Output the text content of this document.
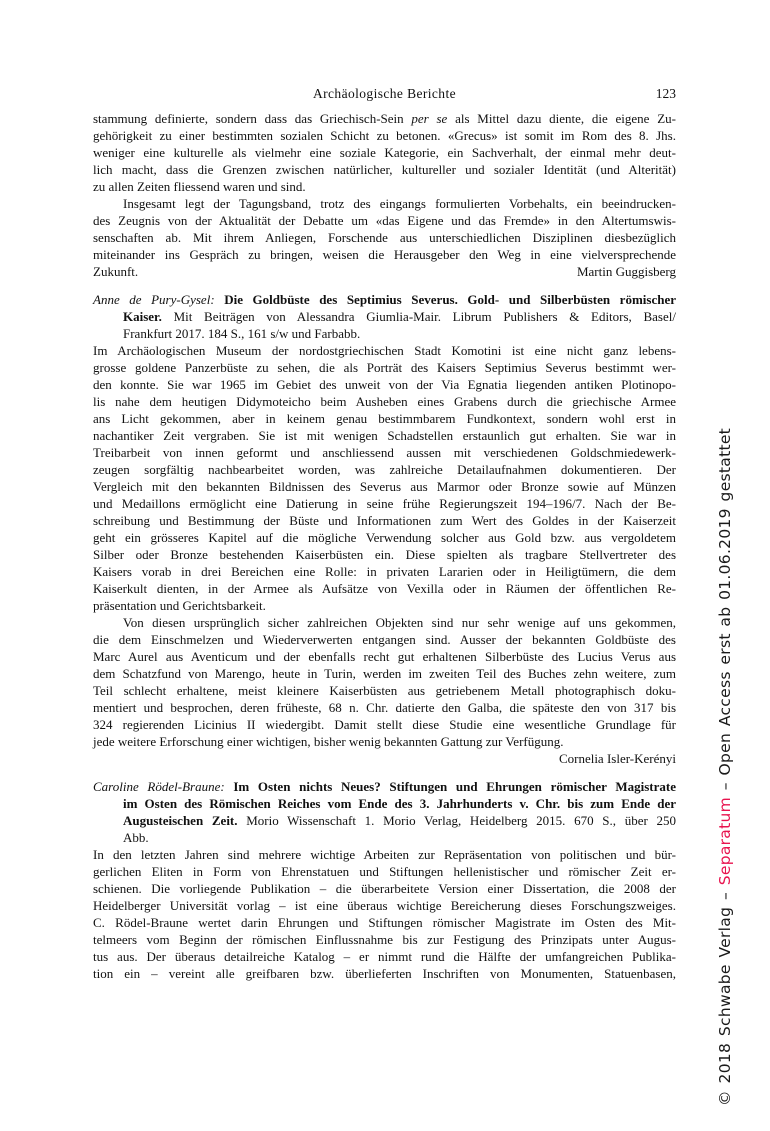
Archäologische Berichte	123
stammung definierte, sondern dass das Griechisch-Sein per se als Mittel dazu diente, die eigene Zu-
gehörigkeit zu einer bestimmten sozialen Schicht zu betonen. «Grecus» ist somit im Rom des 8. Jhs.
weniger eine kulturelle als vielmehr eine soziale Kategorie, ein Sachverhalt, der einmal mehr deut-
lich macht, dass die Grenzen zwischen natürlicher, kultureller und sozialer Identität (und Alterität)
zu allen Zeiten fliessend waren und sind.
Insgesamt legt der Tagungsband, trotz des eingangs formulierten Vorbehalts, ein beeindrucken-
des Zeugnis von der Aktualität der Debatte um «das Eigene und das Fremde» in den Altertumswis-
senschaften ab. Mit ihrem Anliegen, Forschende aus unterschiedlichen Disziplinen diesbezüglich
miteinander ins Gespräch zu bringen, weisen die Herausgeber den Weg in eine vielversprechende
Martin Guggisberg
Zukunft.
Anne de Pury-Gysel: Die Goldbüste des Septimius Severus. Gold- und Silberbüsten römischer
Kaiser. Mit Beiträgen von Alessandra Giumlia-Mair. Librum Publishers & Editors, Basel/
Frankfurt 2017. 184 S., 161 s/w und Farbabb.
Im Archäologischen Museum der nordostgriechischen Stadt Komotini ist eine nicht ganz lebens-
grosse goldene Panzerbüste zu sehen, die als Porträt des Kaisers Septimius Severus bestimmt wer-
den konnte. Sie war 1965 im Gebiet des unweit von der Via Egnatia liegenden antiken Plotinopo-
lis nahe dem heutigen Didymoteicho beim Ausheben eines Grabens durch die griechische Armee
ans Licht gekommen, aber in keinem genau bestimmbarem Fundkontext, sondern wohl erst in
nachantiker Zeit vergraben. Sie ist mit wenigen Schadstellen erstaunlich gut erhalten. Sie war in
Treibarbeit von innen geformt und anschliessend aussen mit verschiedenen Goldschmiedewerk-
zeugen sorgfältig nachbearbeitet worden, was zahlreiche Detailaufnahmen dokumentieren. Der
Vergleich mit den bekannten Bildnissen des Severus aus Marmor oder Bronze sowie auf Münzen
und Medaillons ermöglicht eine Datierung in seine frühe Regierungszeit 194–196/7. Nach der Be-
schreibung und Bestimmung der Büste und Informationen zum Wert des Goldes in der Kaiserzeit
geht ein grösseres Kapitel auf die mögliche Verwendung solcher aus Gold bzw. aus vergoldetem
Silber oder Bronze bestehenden Kaiserbüsten ein. Diese spielten als tragbare Stellvertreter des
Kaisers vorab in drei Bereichen eine Rolle: in privaten Lararien oder in Heiligtümern, die dem
Kaiserkult dienten, in der Armee als Aufsätze von Vexilla oder in Räumen der öffentlichen Re-
präsentation und Gerichtsbarkeit.
Von diesen ursprünglich sicher zahlreichen Objekten sind nur sehr wenige auf uns gekommen,
die dem Einschmelzen und Wiederverwerten entgangen sind. Ausser der bekannten Goldbüste des
Marc Aurel aus Aventicum und der ebenfalls recht gut erhaltenen Silberbüste des Lucius Verus aus
dem Schatzfund von Marengo, heute in Turin, werden im zweiten Teil des Buches zehn weitere, zum
Teil schlecht erhaltene, meist kleinere Kaiserbüsten aus getriebenem Metall photographisch doku-
mentiert und besprochen, deren früheste, 68 n. Chr. datierte den Galba, die späteste den von 317 bis
324 regierenden Licinius II wiedergibt. Damit stellt diese Studie eine wesentliche Grundlage für
jede weitere Erforschung einer wichtigen, bisher wenig bekannten Gattung zur Verfügung.
Cornelia Isler-Kerényi
Caroline Rödel-Braune: Im Osten nichts Neues? Stiftungen und Ehrungen römischer Magistrate
im Osten des Römischen Reiches vom Ende des 3. Jahrhunderts v. Chr. bis zum Ende der
Augusteischen Zeit. Morio Wissenschaft 1. Morio Verlag, Heidelberg 2015. 670 S., über 250
Abb.
In den letzten Jahren sind mehrere wichtige Arbeiten zur Repräsentation von politischen und bür-
gerlichen Eliten in Form von Ehrenstatuen und Stiftungen hellenistischer und römischer Zeit er-
schienen. Die vorliegende Publikation – die überarbeitete Version einer Dissertation, die 2008 der
Heidelberger Universität vorlag – ist eine überaus wichtige Bereicherung dieses Forschungszweiges.
C. Rödel-Braune wertet darin Ehrungen und Stiftungen römischer Magistrate im Osten des Mit-
telmeers vom Beginn der römischen Einflussnahme bis zur Festigung des Prinzipats unter Augus-
tus aus. Der überaus detailreiche Katalog – er nimmt rund die Hälfte der umfangreichen Publika-
tion ein – vereint alle greifbaren bzw. überlieferten Inschriften von Monumenten, Statuenbasen,	© 2018 Schwabe Verlag – Separatum – Open Access erst ab 01.06.2019 gestattet
